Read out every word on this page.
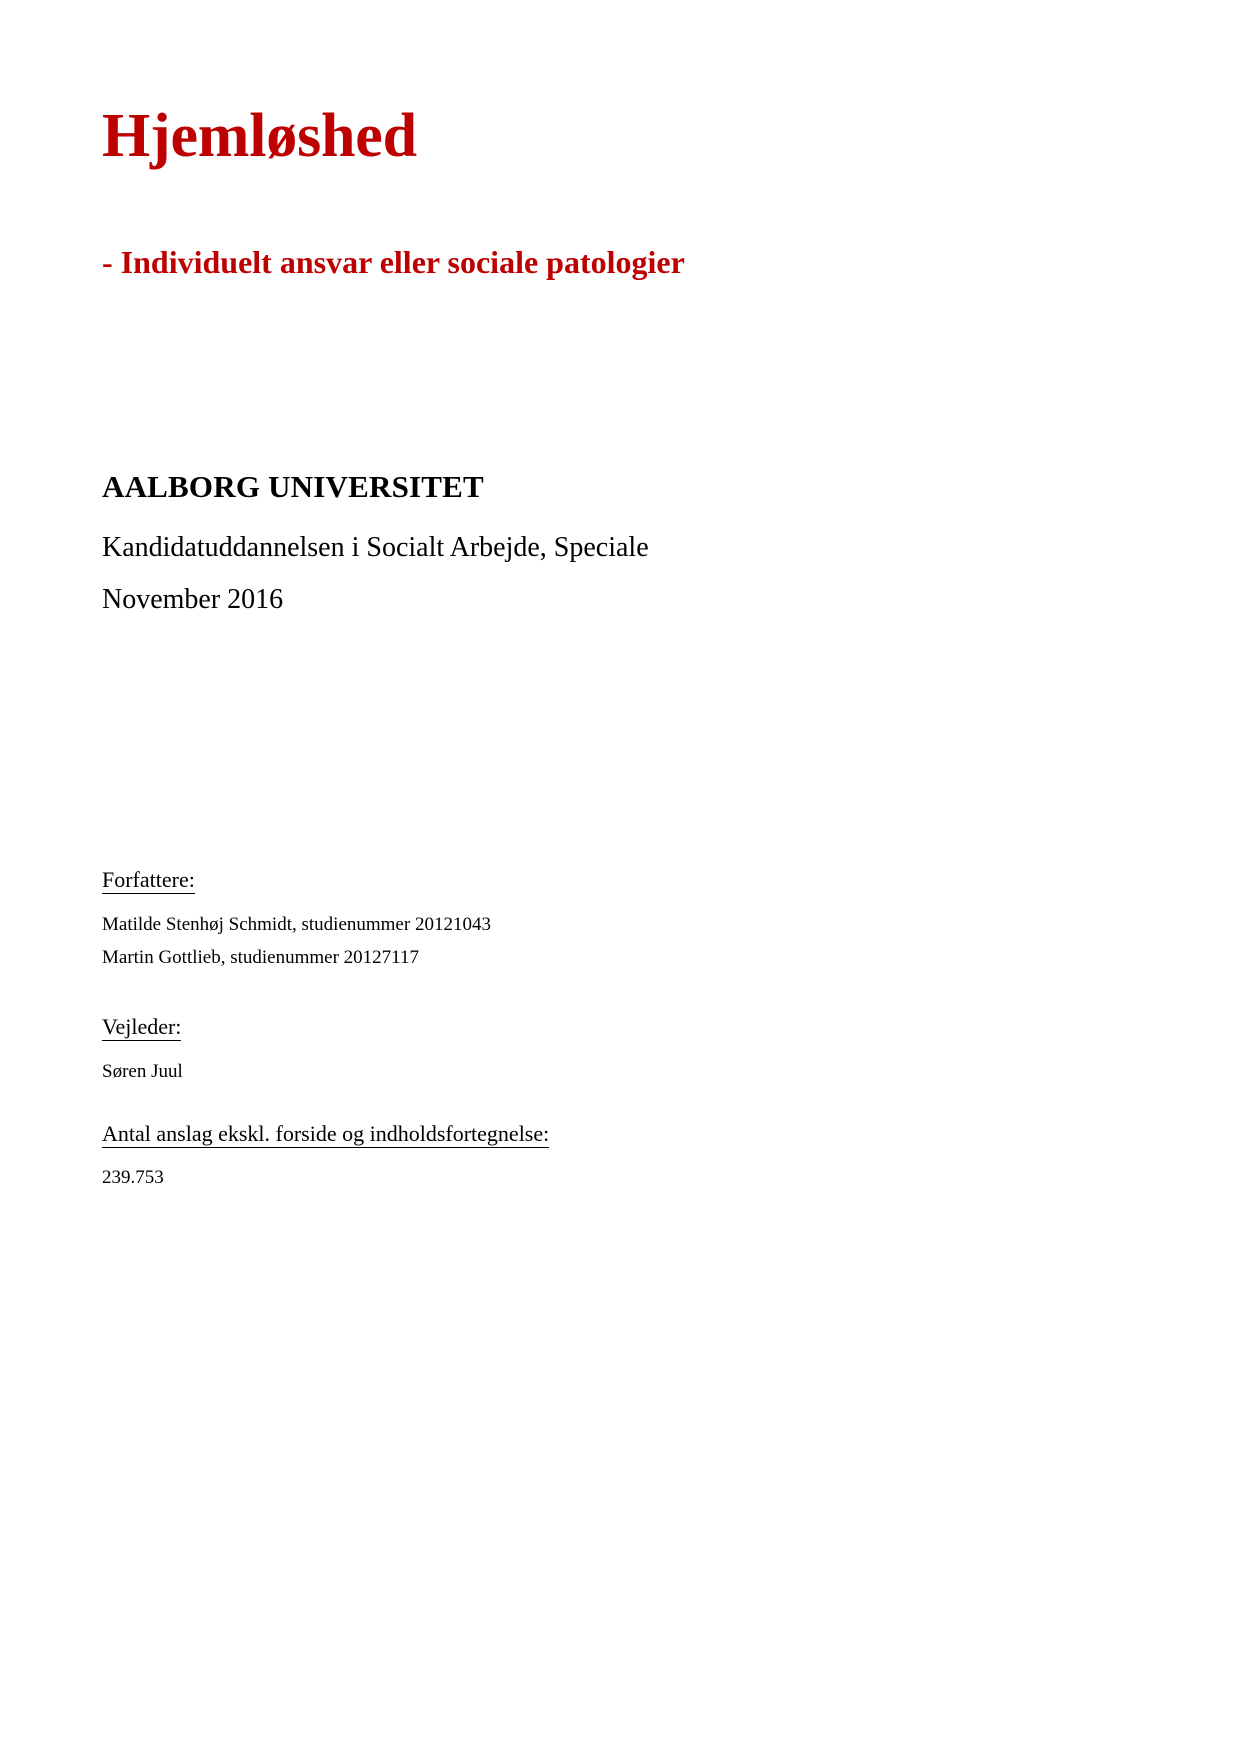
Hjemløshed
- Individuelt ansvar eller sociale patologier

AALBORG UNIVERSITET

Kandidatuddannelsen i Socialt Arbejde, Speciale

November 2016

Forfattere:

Matilde Stenhøj Schmidt, studienummer 20121043

Martin Gottlieb, studienummer 20127117

Vejleder:

Søren Juul

Antal anslag ekskl. forside og indholdsfortegnelse:

239.753
